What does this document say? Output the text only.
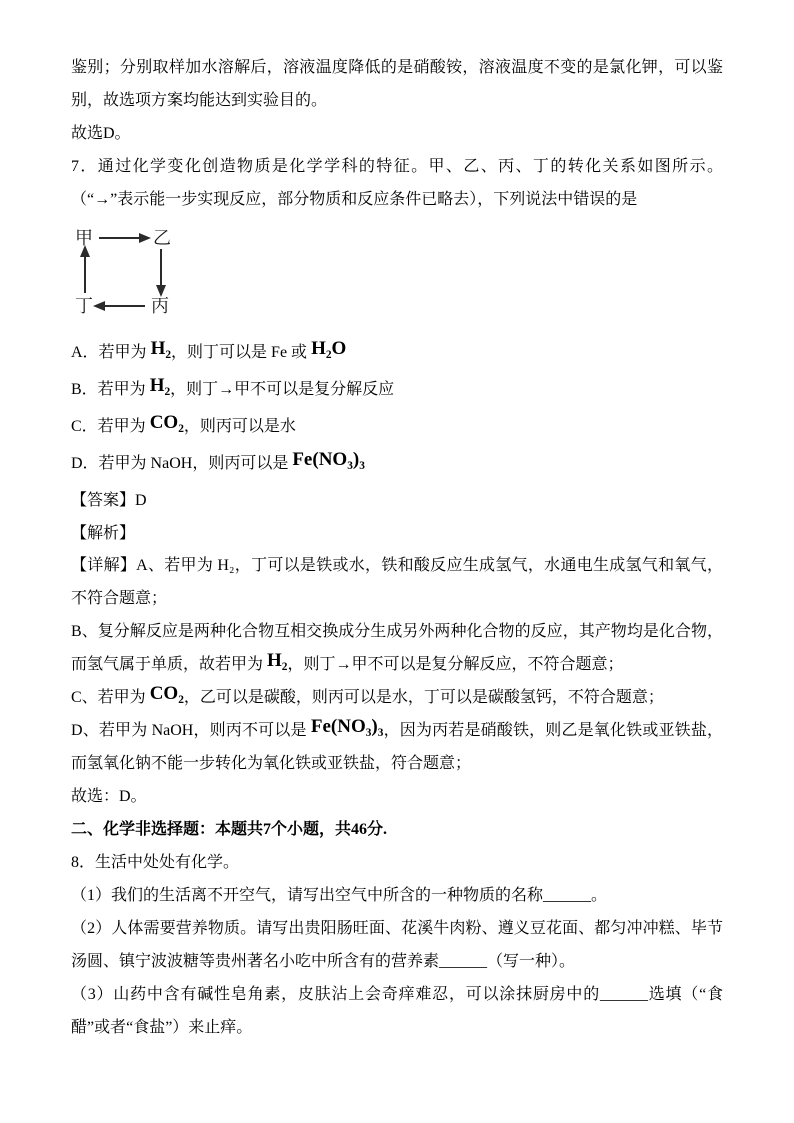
鉴别；分别取样加水溶解后，溶液温度降低的是硝酸铵，溶液温度不变的是氯化钾，可以鉴别，故选项方案均能达到实验目的。

故选D。

7．通过化学变化创造物质是化学学科的特征。甲、乙、丙、丁的转化关系如图所示。（“→”表示能一步实现反应，部分物质和反应条件已略去），下列说法中错误的是

甲	乙
丁	丙

A．若甲为 H₂，则丁可以是 Fe 或 H₂O

B．若甲为 H₂，则丁→甲不可以是复分解反应

C．若甲为 CO₂，则丙可以是水

D．若甲为 NaOH，则丙可以是 Fe(NO₃)₃

【答案】D

【解析】

【详解】A、若甲为 H₂，丁可以是铁或水，铁和酸反应生成氢气，水通电生成氢气和氧气，不符合题意；

B、复分解反应是两种化合物互相交换成分生成另外两种化合物的反应，其产物均是化合物，而氢气属于单质，故若甲为 H₂，则丁→甲不可以是复分解反应，不符合题意；

C、若甲为 CO₂，乙可以是碳酸，则丙可以是水，丁可以是碳酸氢钙，不符合题意；

D、若甲为 NaOH，则丙不可以是 Fe(NO₃)₃，因为丙若是硝酸铁，则乙是氧化铁或亚铁盐，而氢氧化钠不能一步转化为氧化铁或亚铁盐，符合题意；

故选：D。

二、化学非选择题：本题共7个小题，共46分.

8．生活中处处有化学。

（1）我们的生活离不开空气，请写出空气中所含的一种物质的名称______。

（2）人体需要营养物质。请写出贵阳肠旺面、花溪牛肉粉、遵义豆花面、都匀冲冲糕、毕节汤圆、镇宁波波糖等贵州著名小吃中所含有的营养素______（写一种）。

（3）山药中含有碱性皂角素，皮肤沾上会奇痒难忍，可以涂抹厨房中的______选填（“食醋”或者“食盐”）来止痒。
